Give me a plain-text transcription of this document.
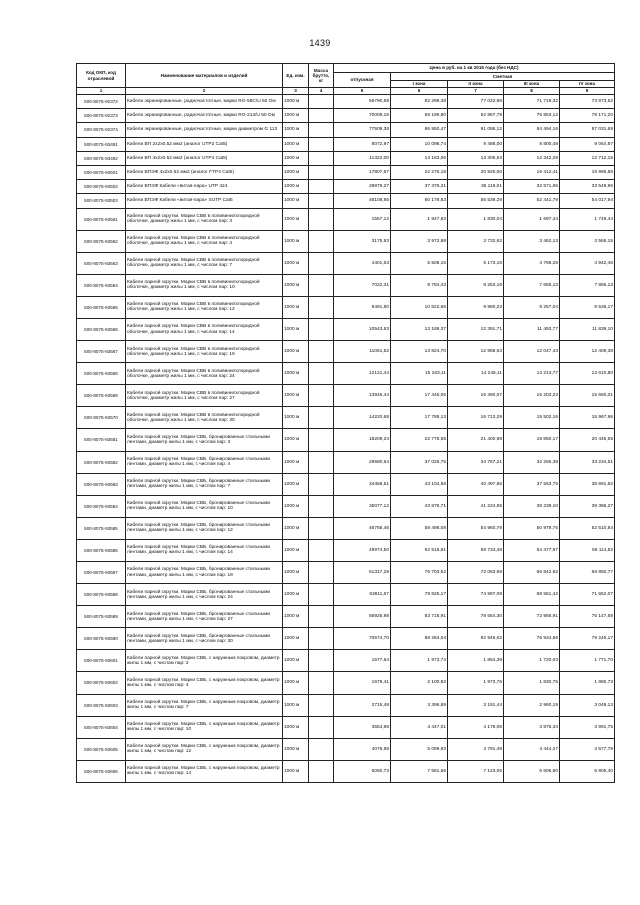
1439
Код ОКП, код отраслевой	Наименование материалов и изделий	Ед. изм.	Масса брутто, кг	Цена в руб. на 1 кв 2015 года (без НДС)				
				отпускная	Сметная			
					I зона	II зона	III зона	IV зона
1	2	3	4	5	6	7	8	9
500-8075-92372	Кабели экранированные, радиочастотные, марки RG-58C/U 50 Ом	1000 м		56790,58	82 299,38	77 022,98	71 719,32	73 873,52
500-8075-92373	Кабели экранированные, радиочастотные, марки RG-213/U 50 Ом	1000 м		70009,16	58 199,80	52 867,78	76 853,12	78 171,20
500-8075-92374	Кабели экранированные, радиочастотные, марки диаметром G 113	1000 м		77509,38	86 950,47	91 095,12	84 494,16	87 031,69
500-8075-93491	Кабели ВП 2x2x0.52 мм2 (аналог UTP2 Cat5)	1000 м		8072,97	10 098,74	9 488,00	8 800,48	9 064,87
500-8075-93492	Кабели ВП 4x2x0.52 мм2 (аналог UTP4 Cat5)	1000 м		11322,00	14 163,06	13 306,53	12 342,28	12 712,15
500-8075-93501	Кабели ВПЭФ 4x2x0.52 мм2 (аналог FTP4 Cat5)	1000 м		17807,67	22 276,18	20 929,00	19 412,41	19 995,88
500-8075-93502	Кабели ВПЭФ Кабели «витая-пара» UTP 424	1000 м		29879,27	37 376,31	35 116,01	32 571,65	33 549,96
500-8075-93503	Кабели ВПЭФ Кабели «витая-пара» SUTP Cat5	1000 м		48108,85	60 178,83	56 539,29	52 441,79	54 017,94
500-8075-93561	Кабели парной скрутки. Марки СВВ в поливинилхлоридной оболочке, диаметр жилы 1 мм, с числом пар: 3	1000 м		1557,12	1 947,83	1 830,04	1 697,44	1 748,44
500-8075-93562	Кабели парной скрутки. Марки СВВ в поливинилхлоридной оболочке, диаметр жилы 1 мм, с числом пар: 4	1000 м		3175,93	3 972,88	3 732,62	3 462,13	3 566,15
500-8075-93563	Кабели парной скрутки. Марки СВВ в поливинилхлоридной оболочке, диаметр жилы 1 мм, с числом пар: 7	1000 м		4401,63	5 508,15	5 173,16	4 798,28	4 942,46
500-8075-93564	Кабели парной скрутки. Марки СВВ в поливинилхлоридной оболочке, диаметр жилы 1 мм, с числом пар: 10	1000 м		7022,31	8 784,43	8 253,19	7 655,13	7 885,13
500-8075-93565	Кабели парной скрутки. Марки СВВ в поливинилхлоридной оболочке, диаметр жилы 1 мм, с числом пар: 12	1000 м		8491,80	10 622,66	9 980,23	9 257,04	9 535,17
500-8075-93566	Кабели парной скрутки. Марки СВВ в поливинилхлоридной оболочке, диаметр жилы 1 мм, с числом пар: 14	1000 м		10543,63	13 189,37	12 391,71	11 493,77	11 839,10
500-8075-93567	Кабели парной скрутки. Марки СВВ в поливинилхлоридной оболочке, диаметр жилы 1 мм, с числом пар: 19	1000 м		11051,52	13 824,70	12 988,63	12 047,43	12 409,38
500-8075-93568	Кабели парной скрутки. Марки СВВ в поливинилхлоридной оболочке, диаметр жилы 1 мм, с числом пар: 24	1000 м		12121,44	15 163,11	14 246,11	13 213,77	13 610,80
500-8075-93569	Кабели парной скрутки. Марки СВВ в поливинилхлоридной оболочке, диаметр жилы 1 мм, с числом пар: 27	1000 м		13945,44	17 445,05	16 390,07	15 203,23	15 660,01
500-8075-93570	Кабели парной скрутки. Марки СВВ в поливинилхлоридной оболочке, диаметр жилы 1 мм, с числом пар: 30	1000 м		14220,68	17 789,13	16 713,29	15 502,16	15 967,96
500-8075-93581	Кабели парной скрутки. Марки СВБ, бронированные стальными лентами, диаметр жилы 1 мм, с числом пар: 3	1000 м		18209,24	22 778,55	21 400,98	19 850,17	20 446,59
500-8075-93582	Кабели парной скрутки. Марки СВБ, бронированные стальными лентами, диаметр жилы 1 мм, с числом пар: 4	1000 м		29580,64	37 026,75	34 767,21	32 266,38	33 234,51
500-8075-93583	Кабели парной скрутки. Марки СВБ, бронированные стальными лентами, диаметр жилы 1 мм, с числом пар: 7	1000 м		34458,51	43 104,58	40 497,85	37 563,75	38 691,92
500-8075-93584	Кабели парной скрутки. Марки СВБ, бронированные стальными лентами, диаметр жилы 1 мм, с числом пар: 10	1000 м		35077,12	43 879,71	41 224,55	38 239,10	39 386,27
500-8075-93585	Кабели парной скрутки. Марки СВБ, бронированные стальными лентами, диаметр жилы 1 мм, с числом пар: 12	1000 м		46768,46	58 498,08	54 960,78	50 979,75	52 510,84
500-8075-93586	Кабели парной скрутки. Марки СВБ, бронированные стальными лентами, диаметр жилы 1 мм, с числом пар: 14	1000 м		49974,50	62 515,81	58 734,48	54 477,97	56 114,52
500-8075-93587	Кабели парной скрутки. Марки СВБ, бронированные стальными лентами, диаметр жилы 1 мм, с числом пар: 19	1000 м		61317,29	76 703,52	72 063,69	66 842,92	68 850,77
500-8075-93588	Кабели парной скрутки. Марки СВБ, бронированные стальными лентами, диаметр жилы 1 мм, с числом пар: 24	1000 м		63811,67	79 825,17	74 997,09	69 561,42	71 652,07
500-8075-93589	Кабели парной скрутки. Марки СВБ, бронированные стальными лентами, диаметр жилы 1 мм, с числом пар: 27	1000 м		66925,98	83 718,91	78 654,30	72 956,91	75 147,59
500-8075-93590	Кабели парной скрутки. Марки СВБ, бронированные стальными лентами, диаметр жилы 1 мм, с числом пар: 30	1000 м		70574,70	88 284,04	82 946,02	76 934,56	79 245,17
500-8075-93601	Кабели парной скрутки. Марки СВБ, с наружным покровом, диаметр жилы 1 мм, с числом пар: 3	1000 м		1577,64	1 973,74	1 854,39	1 720,03	1 771,70
500-8075-93602	Кабели парной скрутки. Марки СВБ, с наружным покровом, диаметр жилы 1 мм, с числом пар: 4	1000 м		1679,41	2 100,82	1 973,76	1 830,75	1 885,73
500-8075-93603	Кабели парной скрутки. Марки СВБ, с наружным покровом, диаметр жилы 1 мм, с числом пар: 7	1000 м		2715,48	3 396,89	3 191,44	2 960,19	3 049,13
500-8075-93604	Кабели парной скрутки. Марки СВБ, с наружным покровом, диаметр жилы 1 мм, с числом пар: 10	1000 м		3554,98	4 447,01	4 178,06	3 875,34	3 991,75
500-8075-93605	Кабели парной скрутки. Марки СВБ, с наружным покровом, диаметр жилы 1 мм, с числом пар: 12	1000 м		4076,88	5 099,93	4 791,49	4 444,27	4 577,79
500-8075-93606	Кабели парной скрутки. Марки СВБ, с наружным покровом, диаметр жилы 1 мм, с числом пар: 14	1000 м		6060,73	7 581,56	7 123,05	6 606,60	6 805,40
